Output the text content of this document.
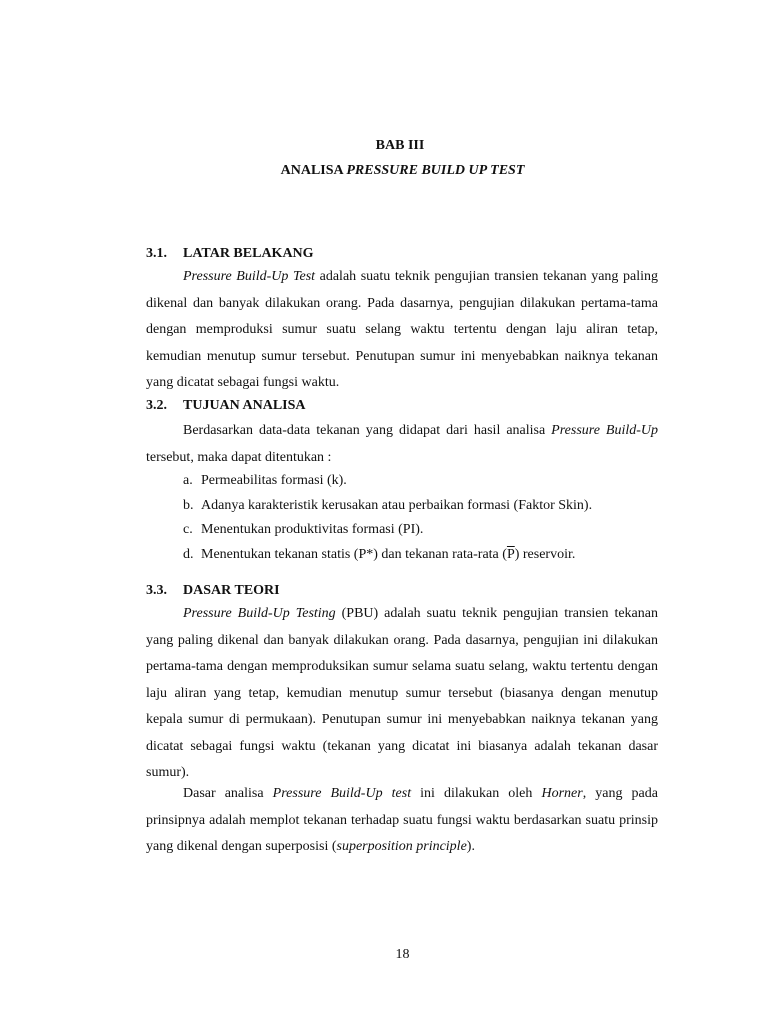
BAB III
ANALISA PRESSURE BUILD UP TEST
3.1. LATAR BELAKANG

Pressure Build-Up Test adalah suatu teknik pengujian transien tekanan yang paling dikenal dan banyak dilakukan orang. Pada dasarnya, pengujian dilakukan pertama-tama dengan memproduksi sumur suatu selang waktu tertentu dengan laju aliran tetap, kemudian menutup sumur tersebut. Penutupan sumur ini menyebabkan naiknya tekanan yang dicatat sebagai fungsi waktu.

3.2. TUJUAN ANALISA

Berdasarkan data-data tekanan yang didapat dari hasil analisa Pressure Build-Up tersebut, maka dapat ditentukan :

a. Permeabilitas formasi (k).
b. Adanya karakteristik kerusakan atau perbaikan formasi (Faktor Skin).
c. Menentukan produktivitas formasi (PI).
d. Menentukan tekanan statis (P*) dan tekanan rata-rata $(\overline{P})$ reservoir.
3.3. DASAR TEORI

Pressure Build-Up Testing (PBU) adalah suatu teknik pengujian transien tekanan yang paling dikenal dan banyak dilakukan orang. Pada dasarnya, pengujian ini dilakukan pertama-tama dengan memproduksikan sumur selama suatu selang, waktu tertentu dengan laju aliran yang tetap, kemudian menutup sumur tersebut (biasanya dengan menutup kepala sumur di permukaan). Penutupan sumur ini menyebabkan naiknya tekanan yang dicatat sebagai fungsi waktu (tekanan yang dicatat ini biasanya adalah tekanan dasar sumur).

Dasar analisa Pressure Build-Up test ini dilakukan oleh Horner, yang pada prinsipnya adalah memplot tekanan terhadap suatu fungsi waktu berdasarkan suatu prinsip yang dikenal dengan superposisi (superposition principle).

18
